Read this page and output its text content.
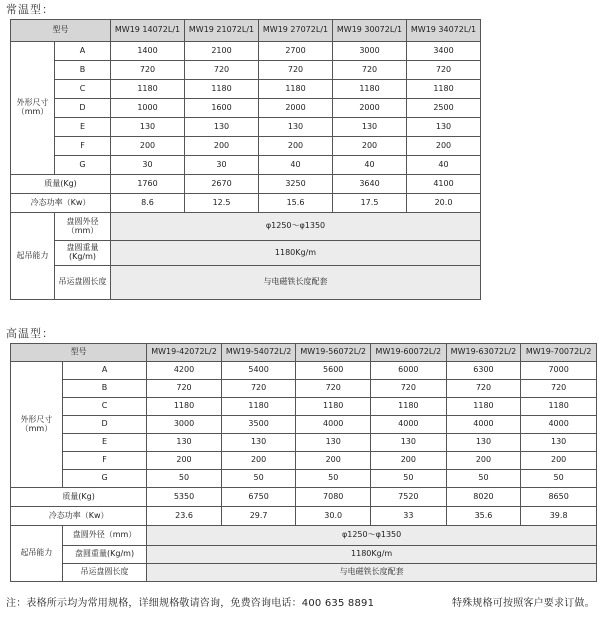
常温型：
型号		MW19 14072L/1	MW19 21072L/1	MW19 27072L/1	MW19 30072L/1	MW19 34072L/1
外形尺寸（mm）	A	1400	2100	2700	3000	3400
	B	720	720	720	720	720
	C	1180	1180	1180	1180	1180
	D	1000	1600	2000	2000	2500
	E	130	130	130	130	130
	F	200	200	200	200	200
	G	30	30	40	40	40
质量(Kg)		1760	2670	3250	3640	4100
冷态功率（Kw）		8.6	12.5	15.6	17.5	20.0
起吊能力	盘圆外径（mm）	φ1250～φ1350				
	盘圆重量(Kg/m)	1180Kg/m				
	吊运盘圆长度	与电磁铁长度配套				
高温型：
型号		MW19-42072L/2	MW19-54072L/2	MW19-56072L/2	MW19-60072L/2	MW19-63072L/2	MW19-70072L/2
外形尺寸（mm）	A	4200	5400	5600	6000	6300	7000
	B	720	720	720	720	720	720
	C	1180	1180	1180	1180	1180	1180
	D	3000	3500	4000	4000	4000	4000
	E	130	130	130	130	130	130
	F	200	200	200	200	200	200
	G	50	50	50	50	50	50
质量(Kg)		5350	6750	7080	7520	8020	8650
冷态功率（Kw）		23.6	29.7	30.0	33	35.6	39.8
起吊能力	盘圆外径（mm）	φ1250～φ1350					
	盘圆重量(Kg/m)	1180Kg/m					
	吊运盘圆长度	与电磁铁长度配套					
注：表格所示均为常用规格，详细规格敬请咨询，免费咨询电话：400 635 8891	特殊规格可按照客户要求订做。
